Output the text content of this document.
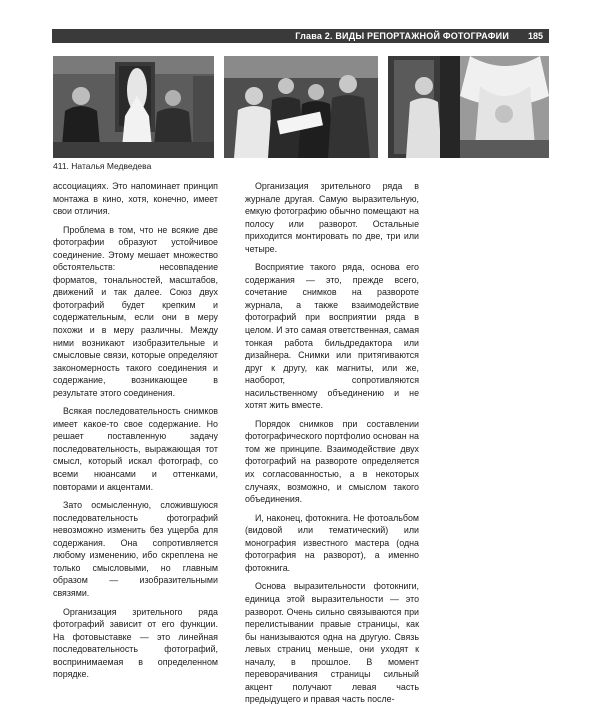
Глава 2. ВИДЫ РЕПОРТАЖНОЙ ФОТОГРАФИИ 185
411. Наталья Медведева

ассоциациях. Это напоминает принцип монтажа в кино, хотя, конечно, имеет свои отличия.

Проблема в том, что не всякие две фотографии образуют устойчивое соединение. Этому мешает множество обстоятельств: несовпадение форматов, тональностей, масштабов, движений и так далее. Союз двух фотографий будет крепким и содержательным, если они в меру похожи и в меру различны. Между ними возникают изобразительные и смысловые связи, которые определяют закономерность такого соединения и содержание, возникающее в результате этого соединения.

Всякая последовательность снимков имеет какое-то свое содержание. Но решает поставленную задачу последовательность, выражающая тот смысл, который искал фотограф, со всеми нюансами и оттенками, повторами и акцентами.

Зато осмысленную, сложившуюся последовательность фотографий невозможно изменить без ущерба для содержания. Она сопротивляется любому изменению, ибо скреплена не только смысловыми, но главным образом — изобразительными связями.

Организация зрительного ряда фотографий зависит от его функции. На фотовыставке — это линейная последовательность фотографий, воспринимаемая в определенном порядке.

Организация зрительного ряда в журнале другая. Самую выразительную, емкую фотографию обычно помещают на полосу или разворот. Остальные приходится монтировать по две, три или четыре.

Восприятие такого ряда, основа его содержания — это, прежде всего, сочетание снимков на развороте журнала, а также взаимодействие фотографий при восприятии ряда в целом. И это самая ответственная, самая тонкая работа бильдредактора или дизайнера. Снимки или притягиваются друг к другу, как магниты, или же, наоборот, сопротивляются насильственному объединению и не хотят жить вместе.

Порядок снимков при составлении фотографического портфолио основан на том же принципе. Взаимодействие двух фотографий на развороте определяется их согласованностью, а в некоторых случаях, возможно, и смыслом такого объединения.

И, наконец, фотокнига. Не фотоальбом (видовой или тематический) или монография известного мастера (одна фотография на разворот), а именно фотокнига.

Основа выразительности фотокниги, единица этой выразительности — это разворот. Очень сильно связываются при перелистывании правые страницы, как бы нанизываются одна на другую. Связь левых страниц меньше, они уходят к началу, в прошлое. В момент переворачивания страницы сильный акцент получают левая часть предыдущего и правая часть после-
